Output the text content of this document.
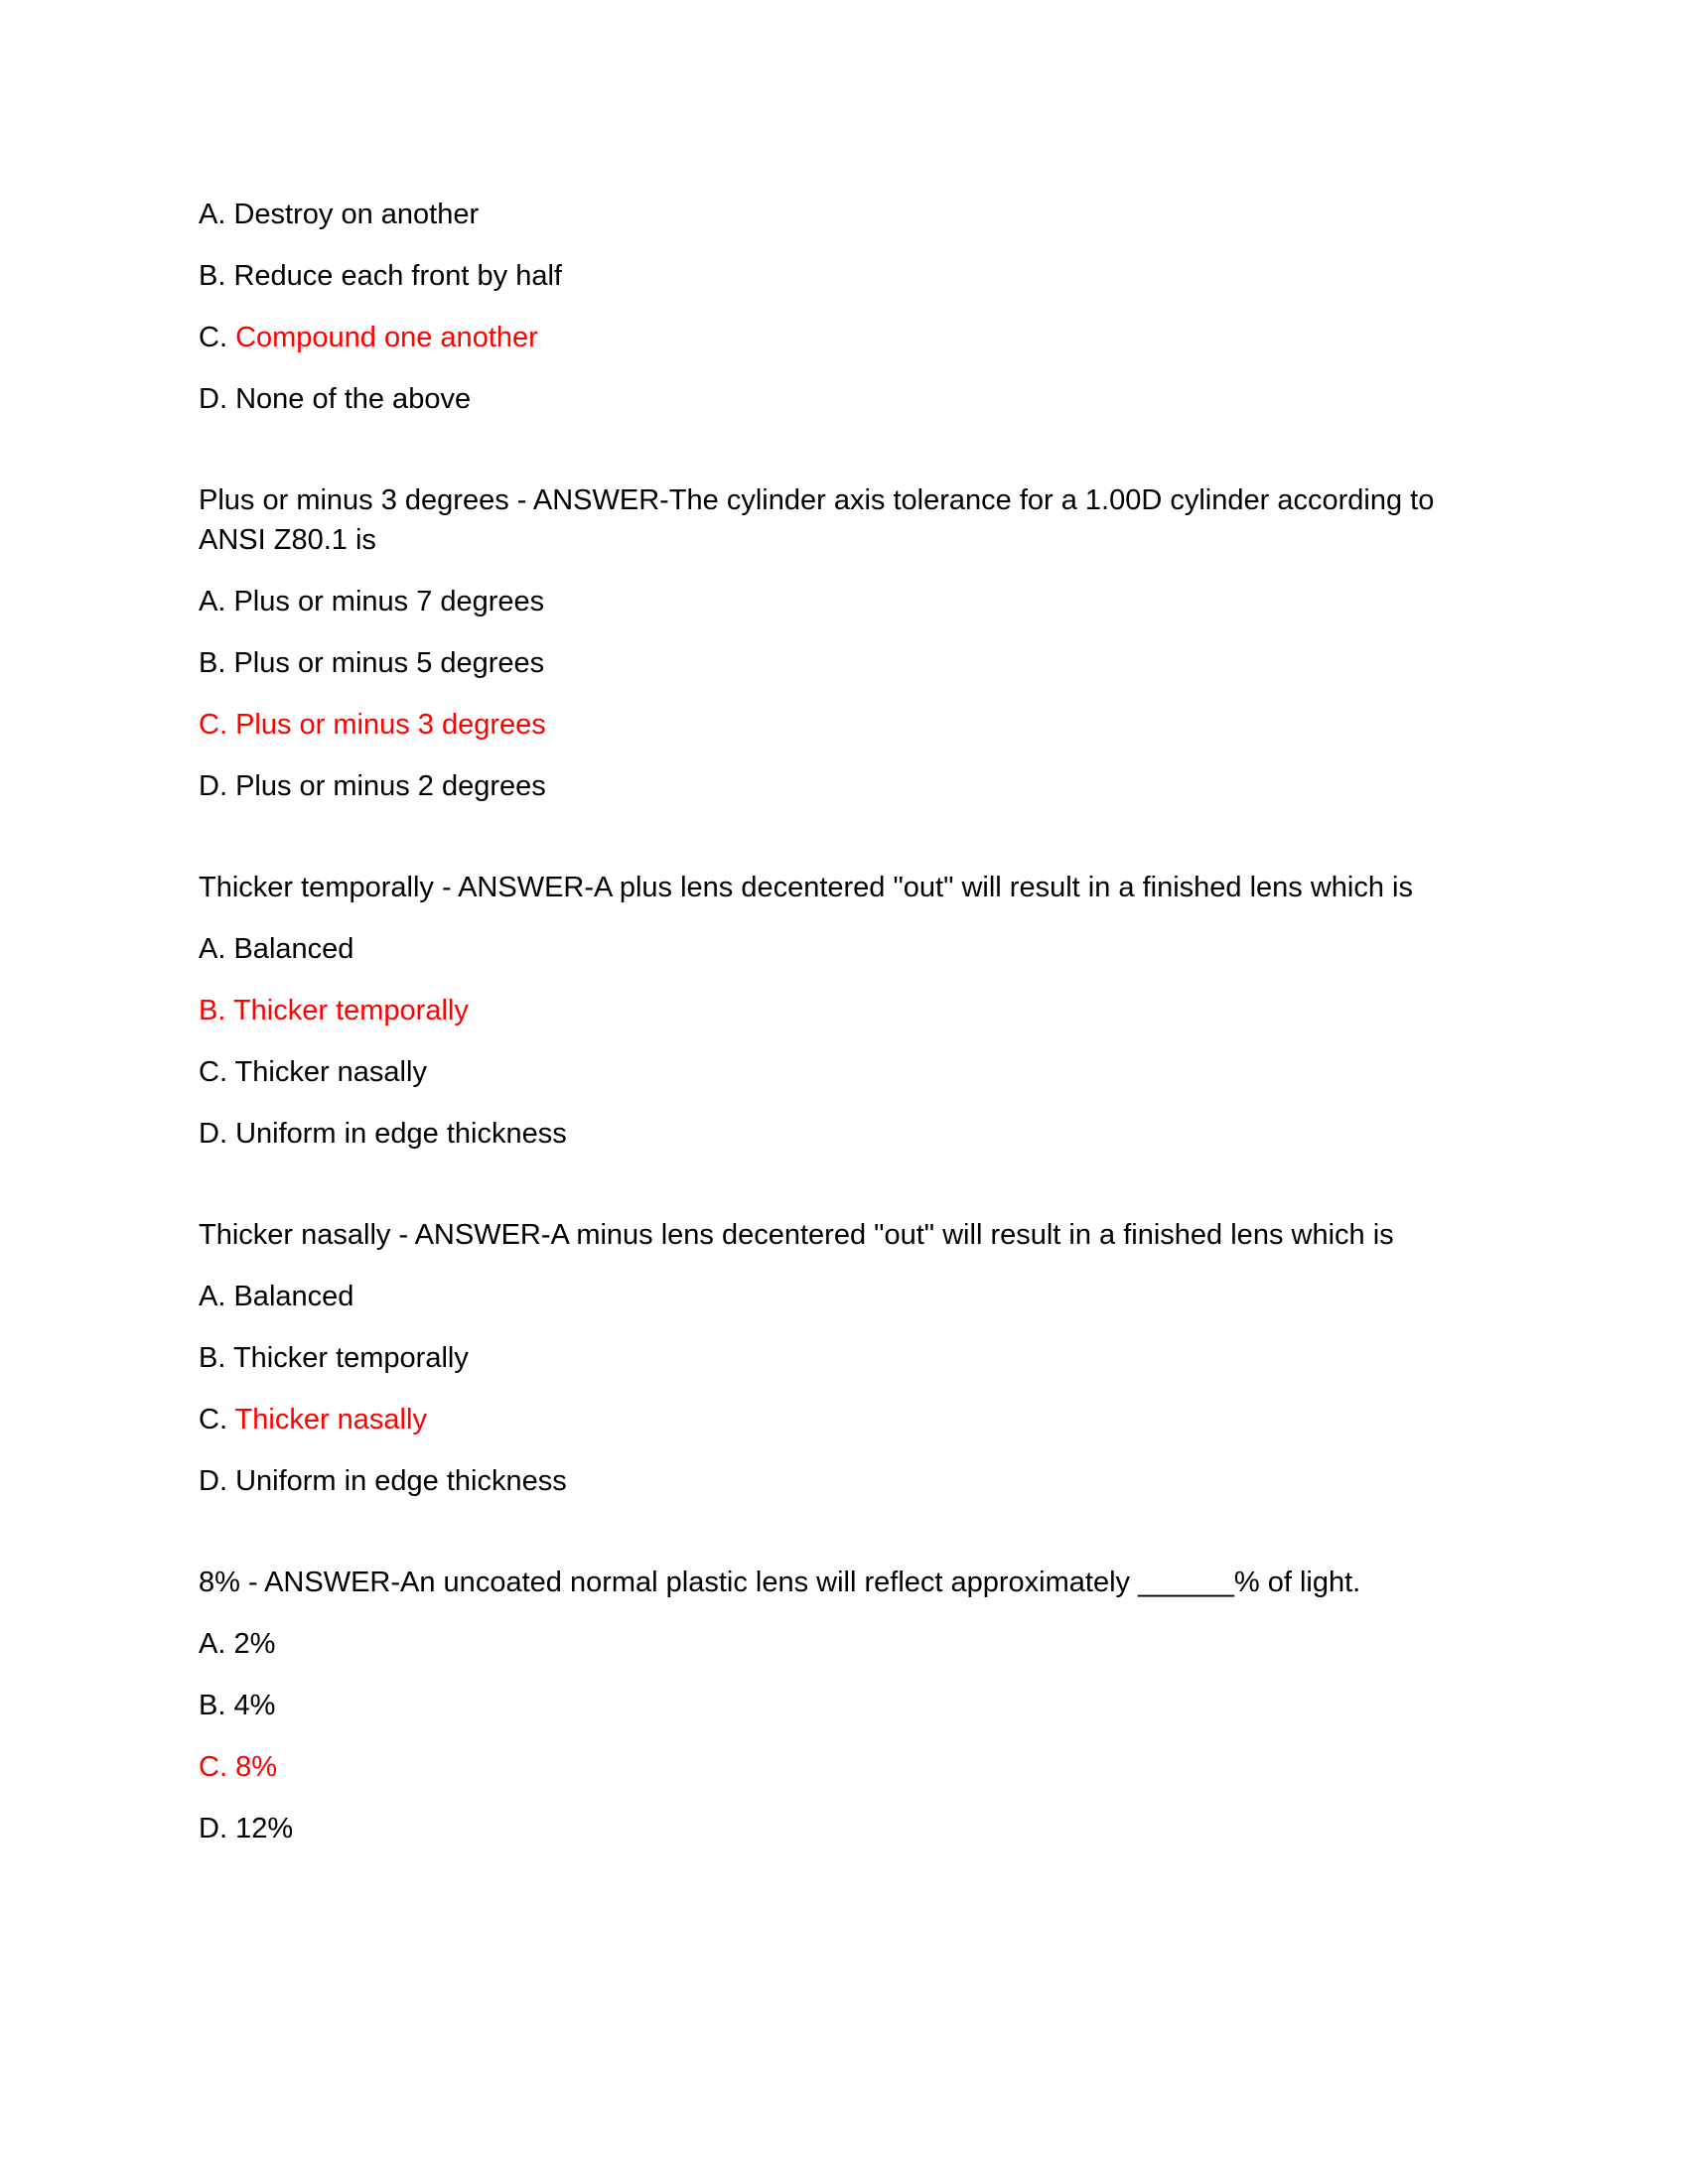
A. Destroy on another

B. Reduce each front by half

C. Compound one another

D. None of the above

Plus or minus 3 degrees - ANSWER-The cylinder axis tolerance for a 1.00D cylinder according to ANSI Z80.1 is

A. Plus or minus 7 degrees

B. Plus or minus 5 degrees

C. Plus or minus 3 degrees

D. Plus or minus 2 degrees

Thicker temporally - ANSWER-A plus lens decentered "out" will result in a finished lens which is

A. Balanced

B. Thicker temporally

C. Thicker nasally

D. Uniform in edge thickness

Thicker nasally - ANSWER-A minus lens decentered "out" will result in a finished lens which is

A. Balanced

B. Thicker temporally

C. Thicker nasally

D. Uniform in edge thickness

8% - ANSWER-An uncoated normal plastic lens will reflect approximately ______% of light.

A. 2%

B. 4%

C. 8%

D. 12%
